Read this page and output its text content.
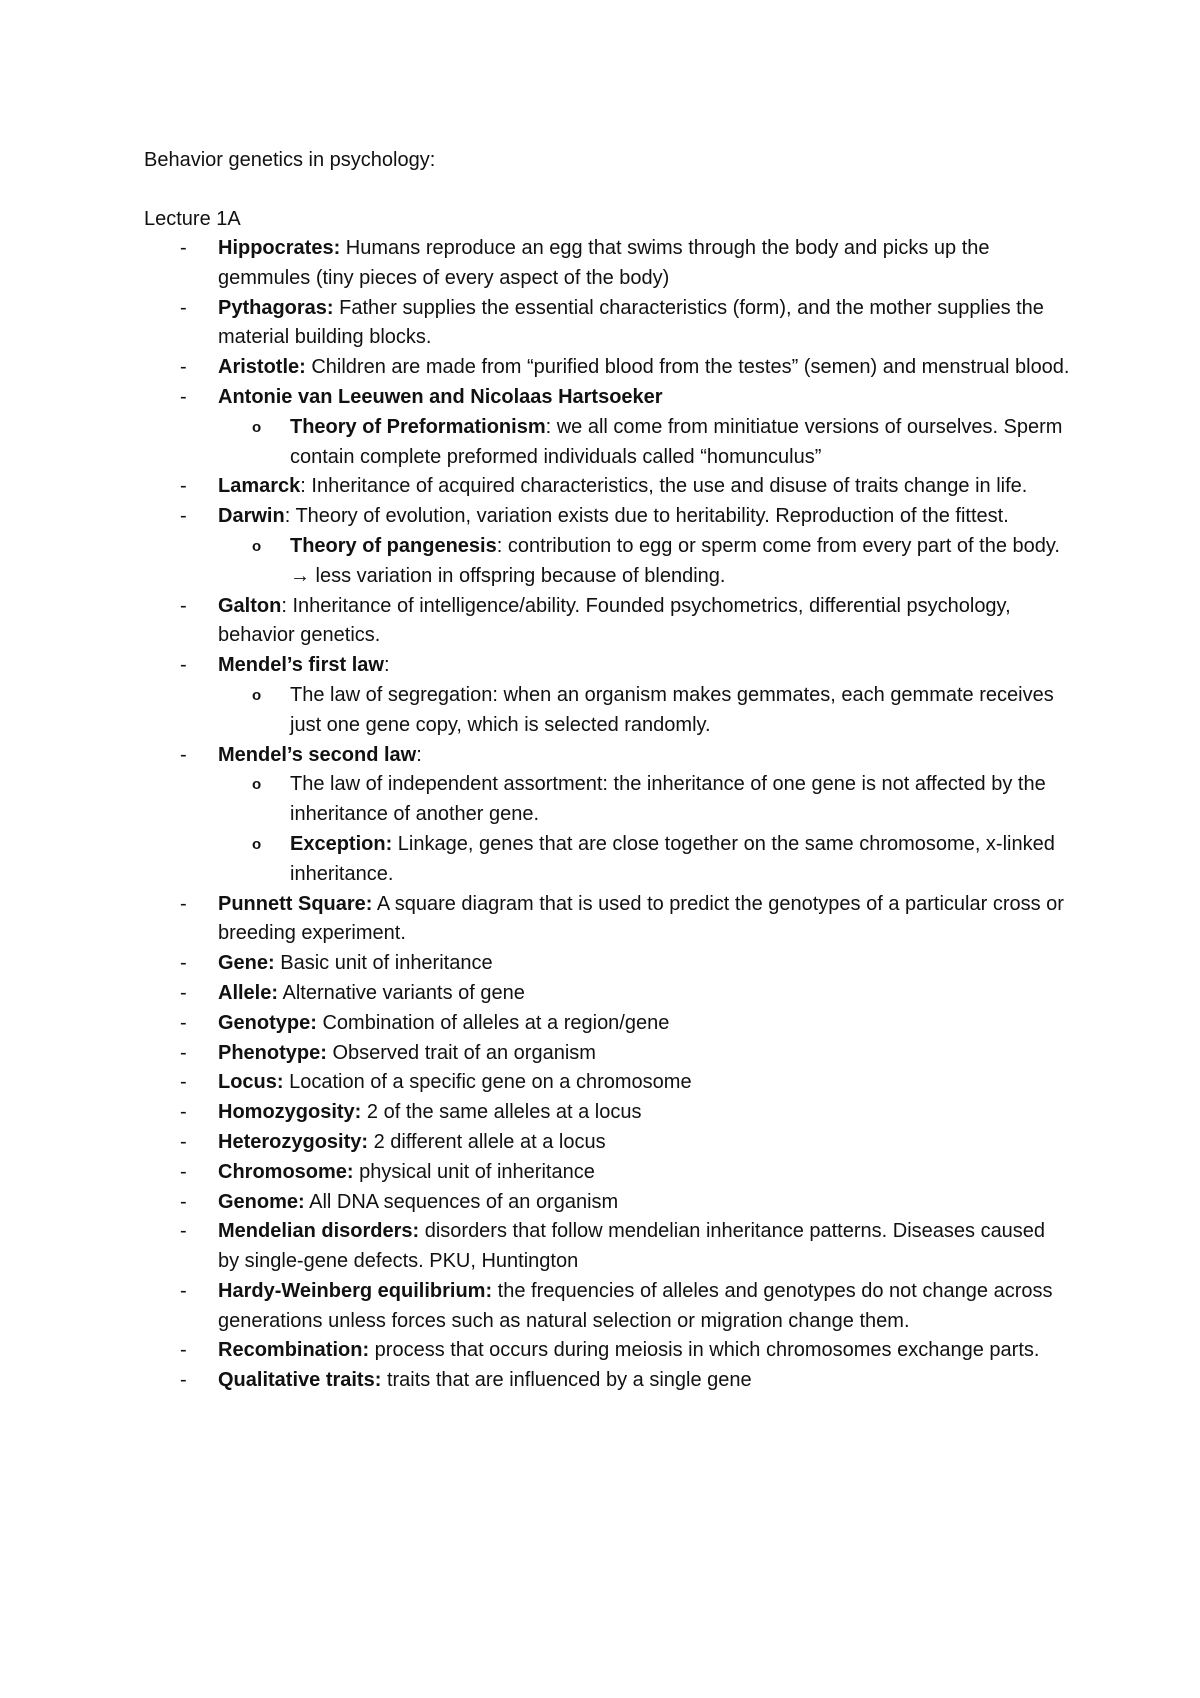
Behavior genetics in psychology:
Lecture 1A
- Hippocrates: Humans reproduce an egg that swims through the body and picks up the gemmules (tiny pieces of every aspect of the body)
- Pythagoras: Father supplies the essential characteristics (form), and the mother supplies the material building blocks.
- Aristotle: Children are made from “purified blood from the testes” (semen) and menstrual blood.
- Antonie van Leeuwen and Nicolaas Hartsoeker
o Theory of Preformationism: we all come from minitiatue versions of ourselves. Sperm contain complete preformed individuals called “homunculus”
- Lamarck: Inheritance of acquired characteristics, the use and disuse of traits change in life.
- Darwin: Theory of evolution, variation exists due to heritability. Reproduction of the fittest.
o Theory of pangenesis: contribution to egg or sperm come from every part of the body. → less variation in offspring because of blending.
- Galton: Inheritance of intelligence/ability. Founded psychometrics, differential psychology, behavior genetics.
- Mendel’s first law:
o The law of segregation: when an organism makes gemmates, each gemmate receives just one gene copy, which is selected randomly.
- Mendel’s second law:
o The law of independent assortment: the inheritance of one gene is not affected by the inheritance of another gene.
o Exception: Linkage, genes that are close together on the same chromosome, x-linked inheritance.
- Punnett Square: A square diagram that is used to predict the genotypes of a particular cross or breeding experiment.
- Gene: Basic unit of inheritance
- Allele: Alternative variants of gene
- Genotype: Combination of alleles at a region/gene
- Phenotype: Observed trait of an organism
- Locus: Location of a specific gene on a chromosome
- Homozygosity: 2 of the same alleles at a locus
- Heterozygosity: 2 different allele at a locus
- Chromosome: physical unit of inheritance
- Genome: All DNA sequences of an organism
- Mendelian disorders: disorders that follow mendelian inheritance patterns. Diseases caused by single-gene defects. PKU, Huntington
- Hardy-Weinberg equilibrium: the frequencies of alleles and genotypes do not change across generations unless forces such as natural selection or migration change them.
- Recombination: process that occurs during meiosis in which chromosomes exchange parts.
- Qualitative traits: traits that are influenced by a single gene
